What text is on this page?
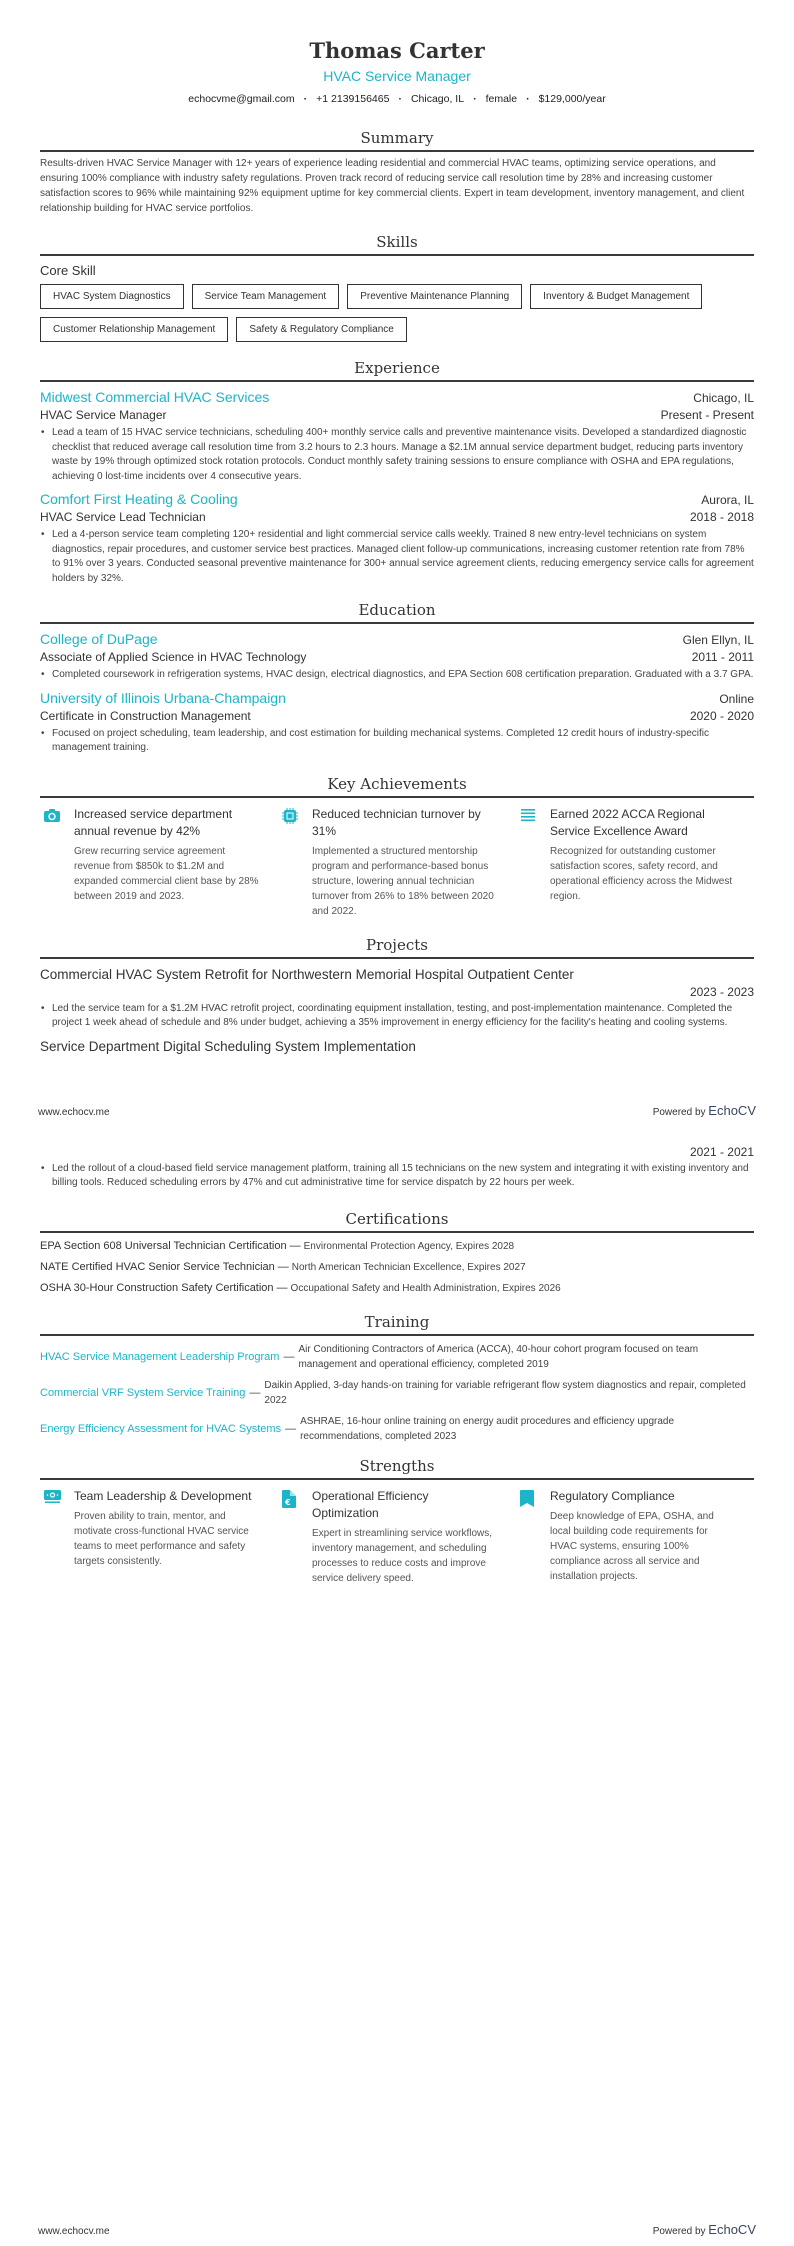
Thomas Carter
HVAC Service Manager
echocvme@gmail.com · +1 2139156465 · Chicago, IL · female · $129,000/year
Summary

Results-driven HVAC Service Manager with 12+ years of experience leading residential and commercial HVAC teams, optimizing service operations, and ensuring 100% compliance with industry safety regulations. Proven track record of reducing service call resolution time by 28% and increasing customer satisfaction scores to 96% while maintaining 92% equipment uptime for key commercial clients. Expert in team development, inventory management, and client relationship building for HVAC service portfolios.

Skills
Core Skill
HVAC System Diagnostics	Service Team Management	Preventive Maintenance Planning	Inventory & Budget Management
Customer Relationship Management	Safety & Regulatory Compliance
Experience
Midwest Commercial HVAC Services	Chicago, IL
HVAC Service Manager	Present - Present
• Lead a team of 15 HVAC service technicians, scheduling 400+ monthly service calls and preventive maintenance visits. Developed a standardized diagnostic checklist that reduced average call resolution time from 3.2 hours to 2.3 hours. Manage a $2.1M annual service department budget, reducing parts inventory waste by 19% through optimized stock rotation protocols. Conduct monthly safety training sessions to ensure compliance with OSHA and EPA regulations, achieving 0 lost-time incidents over 4 consecutive years.
Comfort First Heating & Cooling	Aurora, IL
HVAC Service Lead Technician	2018 - 2018
• Led a 4-person service team completing 120+ residential and light commercial service calls weekly. Trained 8 new entry-level technicians on system diagnostics, repair procedures, and customer service best practices. Managed client follow-up communications, increasing customer retention rate from 78% to 91% over 3 years. Conducted seasonal preventive maintenance for 300+ annual service agreement clients, reducing emergency service calls for agreement holders by 32%.
Education
College of DuPage	Glen Ellyn, IL
Associate of Applied Science in HVAC Technology	2011 - 2011
• Completed coursework in refrigeration systems, HVAC design, electrical diagnostics, and EPA Section 608 certification preparation. Graduated with a 3.7 GPA.
University of Illinois Urbana-Champaign	Online
Certificate in Construction Management	2020 - 2020
• Focused on project scheduling, team leadership, and cost estimation for building mechanical systems. Completed 12 credit hours of industry-specific management training.
Key Achievements
Increased service department annual revenue by 42%
Grew recurring service agreement revenue from $850k to $1.2M and expanded commercial client base by 28% between 2019 and 2023.
Reduced technician turnover by 31%
Implemented a structured mentorship program and performance-based bonus structure, lowering annual technician turnover from 26% to 18% between 2020 and 2022.
Earned 2022 ACCA Regional Service Excellence Award
Recognized for outstanding customer satisfaction scores, safety record, and operational efficiency across the Midwest region.
Projects
Commercial HVAC System Retrofit for Northwestern Memorial Hospital Outpatient Center
2023 - 2023
• Led the service team for a $1.2M HVAC retrofit project, coordinating equipment installation, testing, and post-implementation maintenance. Completed the project 1 week ahead of schedule and 8% under budget, achieving a 35% improvement in energy efficiency for the facility's heating and cooling systems.
Service Department Digital Scheduling System Implementation
2021 - 2021
• Led the rollout of a cloud-based field service management platform, training all 15 technicians on the new system and integrating it with existing inventory and billing tools. Reduced scheduling errors by 47% and cut administrative time for service dispatch by 22 hours per week.
Certifications
EPA Section 608 Universal Technician Certification — Environmental Protection Agency, Expires 2028
NATE Certified HVAC Senior Service Technician — North American Technician Excellence, Expires 2027
OSHA 30-Hour Construction Safety Certification — Occupational Safety and Health Administration, Expires 2026
Training
HVAC Service Management Leadership Program —
Air Conditioning Contractors of America (ACCA), 40-hour cohort program focused on team management and operational efficiency, completed 2019
Commercial VRF System Service Training —
Daikin Applied, 3-day hands-on training for variable refrigerant flow system diagnostics and repair, completed 2022
Energy Efficiency Assessment for HVAC Systems —
ASHRAE, 16-hour online training on energy audit procedures and efficiency upgrade recommendations, completed 2023
Strengths
Team Leadership & Development
Proven ability to train, mentor, and motivate cross-functional HVAC service teams to meet performance and safety targets consistently.
€ Operational Efficiency Optimization
Expert in streamlining service workflows, inventory management, and scheduling processes to reduce costs and improve service delivery speed.
Regulatory Compliance
Deep knowledge of EPA, OSHA, and local building code requirements for HVAC systems, ensuring 100% compliance across all service and installation projects.
www.echocv.me	Powered by EchoCV
www.echocv.me	Powered by EchoCV
